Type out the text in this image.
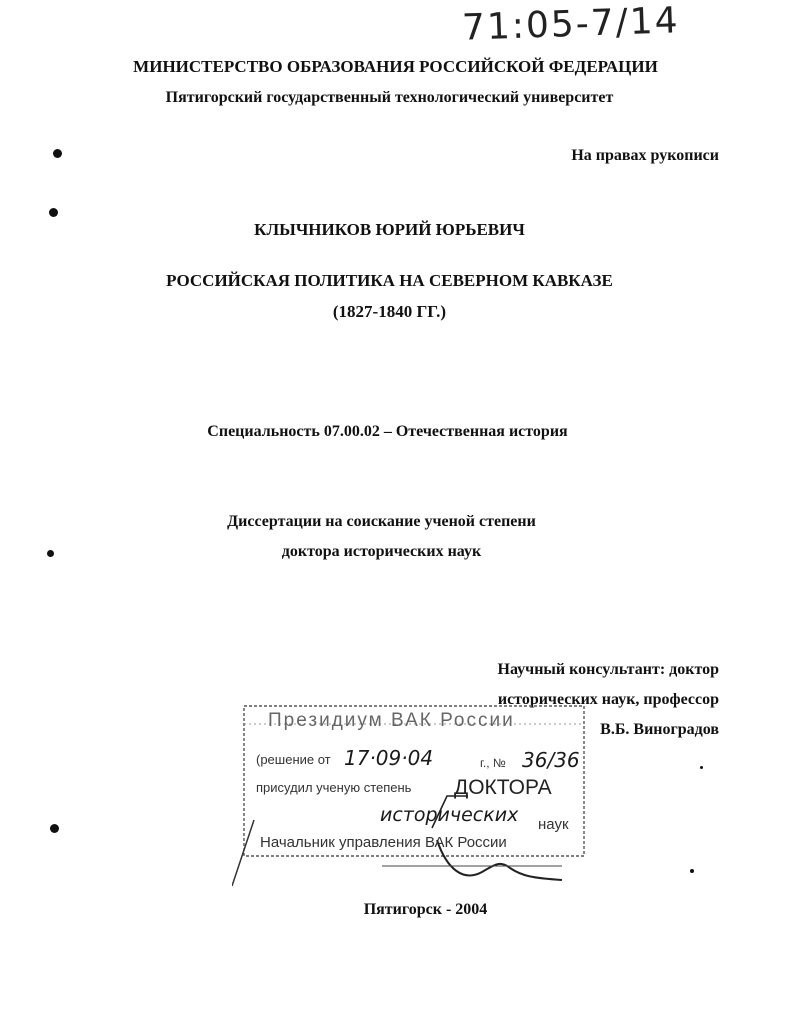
71:05-7/14
МИНИСТЕРСТВО ОБРАЗОВАНИЯ РОССИЙСКОЙ ФЕДЕРАЦИИ
Пятигорский государственный технологический университет
На правах рукописи
КЛЫЧНИКОВ ЮРИЙ ЮРЬЕВИЧ
РОССИЙСКАЯ ПОЛИТИКА НА СЕВЕРНОМ КАВКАЗЕ
(1827-1840 ГГ.)
Специальность 07.00.02 – Отечественная история
Диссертации на соискание ученой степени
доктора исторических наук
Научный консультант: доктор
исторических наук, профессор
В.Б. Виноградов
Президиум ВАК России
(решение от 17·09·04	г., № 36/36
присудил ученую степень ДОКТОРА
исторических наук
Начальник управления ВАК России
Пятигорск - 2004
